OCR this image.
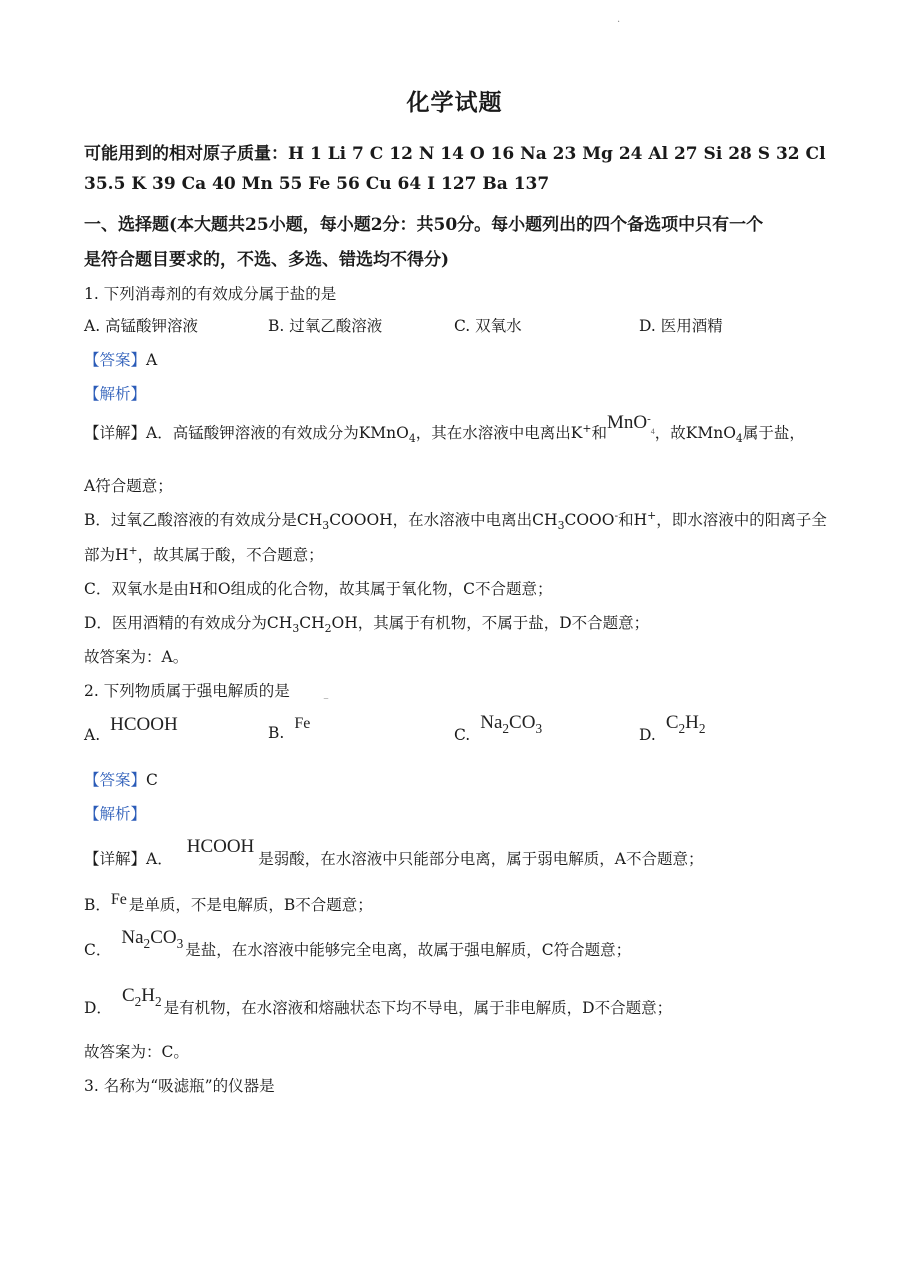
.
化学试题
可能用到的相对原子质量：H 1 Li 7 C 12 N 14 O 16 Na 23 Mg 24 Al 27 Si 28 S 32 Cl
35.5 K 39 Ca 40 Mn 55 Fe 56 Cu 64 I 127 Ba 137
一、选择题(本大题共25小题，每小题2分：共50分。每小题列出的四个备选项中只有一个
是符合题目要求的，不选、多选、错选均不得分)
1. 下列消毒剂的有效成分属于盐的是
A. 高锰酸钾溶液	B. 过氧乙酸溶液	C. 双氧水	D. 医用酒精
【答案】A
【解析】
【详解】A．高锰酸钾溶液的有效成分为KMnO$_4$，其在水溶液中电离出K+和MnO-$_4$，故KMnO$_4$属于盐，
A符合题意；
B．过氧乙酸溶液的有效成分是$CH_3COOOH$，在水溶液中电离出$CH_3COOO^-$和H+，即水溶液中的阳离子全
部为H+，故其属于酸，不合题意；
C．双氧水是由H和O组成的化合物，故其属于氧化物，C不合题意；
D．医用酒精的有效成分为$CH_3CH_2OH$，其属于有机物，不属于盐，D不合题意；
故答案为：A。
2. 下列物质属于强电解质的是	_
A. HCOOH	B.Fe
$C.Na_2CO_3$	$D.C_2H_2$
【答案】C
【解析】
【详解】A．HCOOH是弱酸，在水溶液中只能部分电离，属于弱电解质，A不合题意；
B．Fe 是单质，不是电解质，B不合题意；
C．$Na_2CO_3$ 是盐，在水溶液中能够完全电离，故属于强电解质，C符合题意；
D．$C_2H_2$ 是有机物，在水溶液和熔融状态下均不导电，属于非电解质，D不合题意；
故答案为：C。
3. 名称为“吸滤瓶”的仪器是
